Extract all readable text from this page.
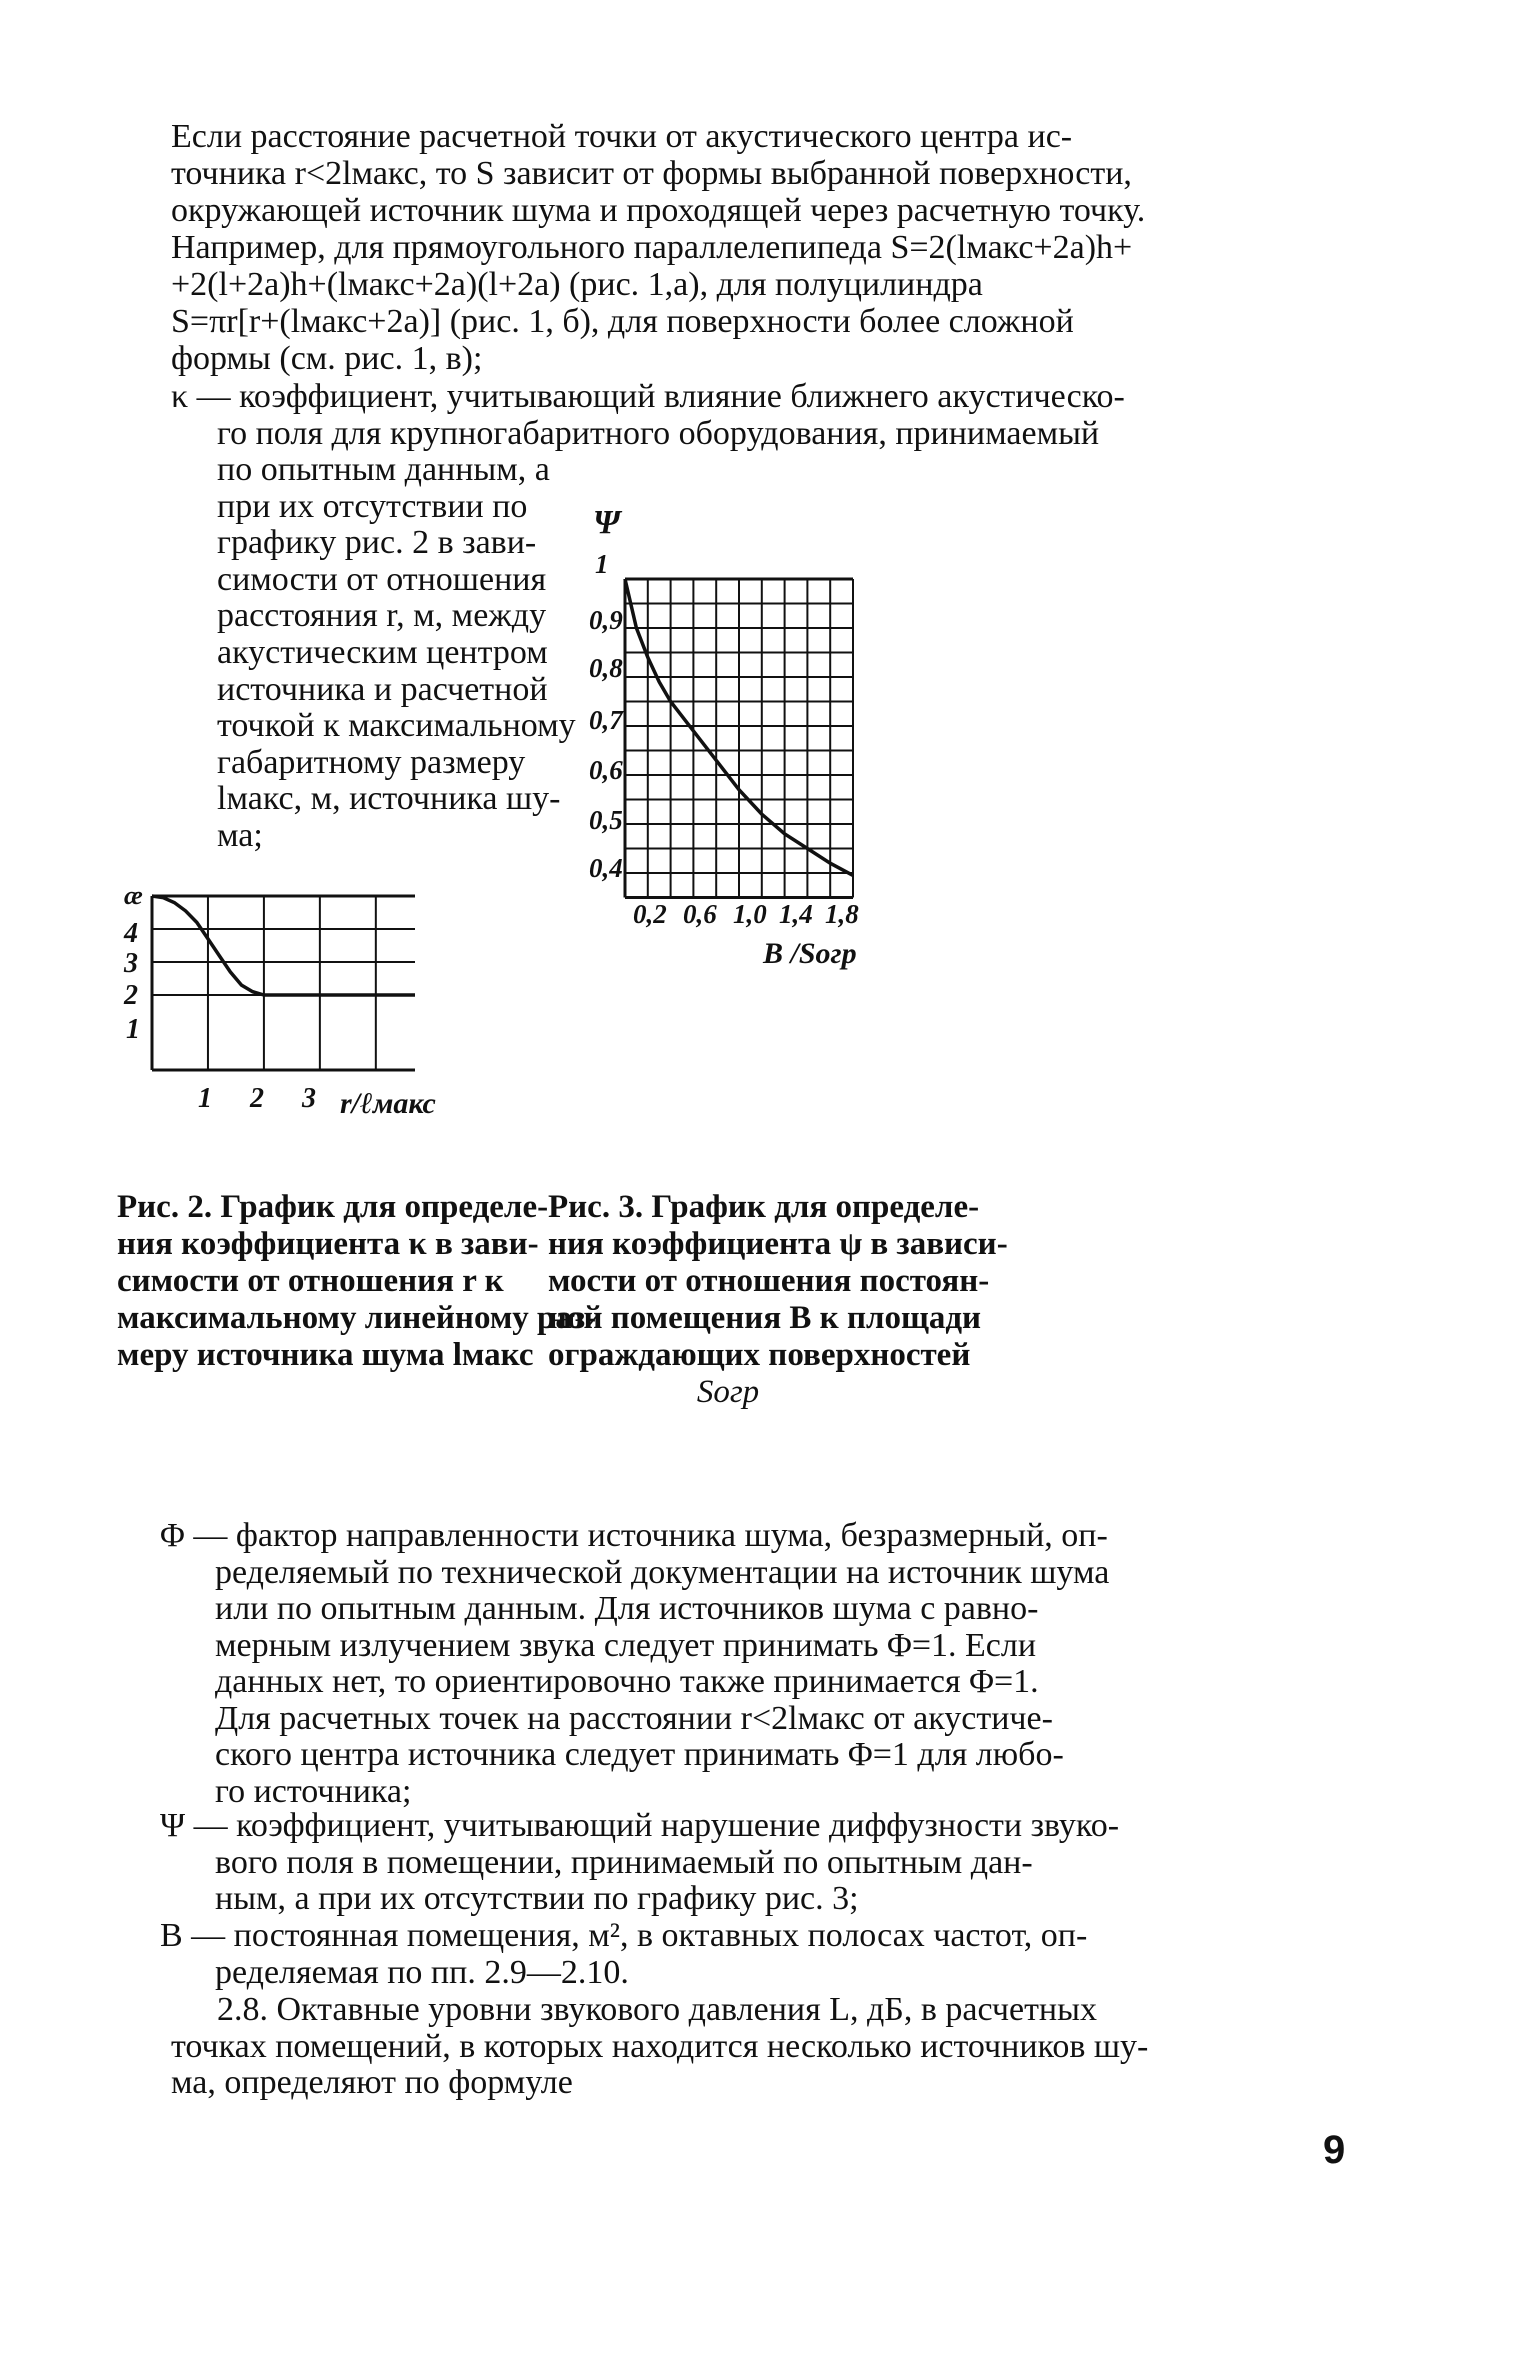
Если расстояние расчетной точки от акустического центра ис-
точника r<2lмакс, то S зависит от формы выбранной поверхности,
окружающей источник шума и проходящей через расчетную точку.
Например, для прямоугольного параллелепипеда S=2(lмакс+2a)h+
+2(l+2a)h+(lмакс+2a)(l+2a) (рис. 1,a), для полуцилиндра
S=πr[r+(lмакс+2a)] (рис. 1, б), для поверхности более сложной
формы (см. рис. 1, в);
κ — коэффициент, учитывающий влияние ближнего акустическо-
го поля для крупногабаритного оборудования, принимаемый
по опытным данным, а
при их отсутствии по
графику рис. 2 в зави-
симости от отношения
расстояния r, м, между
акустическим центром
источника и расчетной
точкой к максимальному
габаритному размеру
lмакс, м, источника шу-
ма;
æ
4
3
2
1
1 2 3 r/ℓмакс
Ψ
1
0,9
0,8
0,7
0,6
0,5
0,4
0,2 0,6 1,0 1,4 1,8
B /Sогр
Рис. 2. График для определе-
ния коэффициента κ в зави-
симости от отношения r к
максимальному линейному раз-
меру источника шума lмакс
Рис. 3. График для определе-
ния коэффициента ψ в зависи-
мости от отношения постоян-
ной помещения B к площади
ограждающих поверхностей
Sогр
Φ — фактор направленности источника шума, безразмерный, оп-
ределяемый по технической документации на источник шума
или по опытным данным. Для источников шума с равно-
мерным излучением звука следует принимать Φ=1. Если
данных нет, то ориентировочно также принимается Φ=1.
Для расчетных точек на расстоянии r<2lмакс от акустиче-
ского центра источника следует принимать Φ=1 для любо-
го источника;
Ψ — коэффициент, учитывающий нарушение диффузности звуко-
вого поля в помещении, принимаемый по опытным дан-
ным, а при их отсутствии по графику рис. 3;
B — постоянная помещения, м², в октавных полосах частот, оп-
ределяемая по пп. 2.9—2.10.
2.8. Октавные уровни звукового давления L, дБ, в расчетных
точках помещений, в которых находится несколько источников шу-
ма, определяют по формуле
9
